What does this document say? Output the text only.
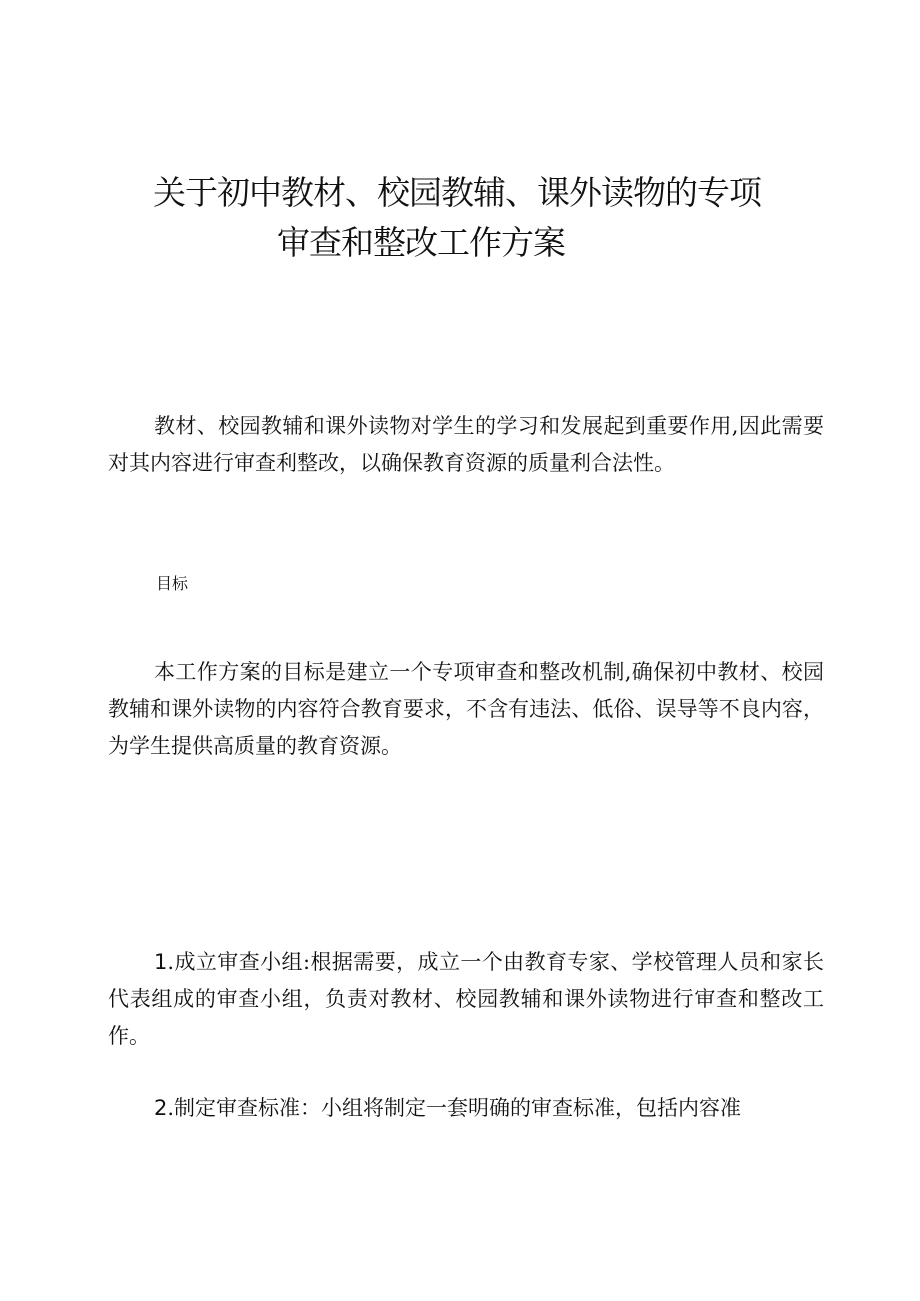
关于初中教材、校园教辅、课外读物的专项
审查和整改工作方案

教材、校园教辅和课外读物对学生的学习和发展起到重要作用,因此需要对其内容进行审查利整改，以确保教育资源的质量利合法性。

目标

本工作方案的目标是建立一个专项审查和整改机制,确保初中教材、校园教辅和课外读物的内容符合教育要求，不含有违法、低俗、误导等不良内容，为学生提供高质量的教育资源。

1.成立审查小组:根据需要，成立一个由教育专家、学校管理人员和家长代表组成的审查小组，负责对教材、校园教辅和课外读物进行审查和整改工作。

2.制定审查标准：小组将制定一套明确的审查标准，包括内容准
